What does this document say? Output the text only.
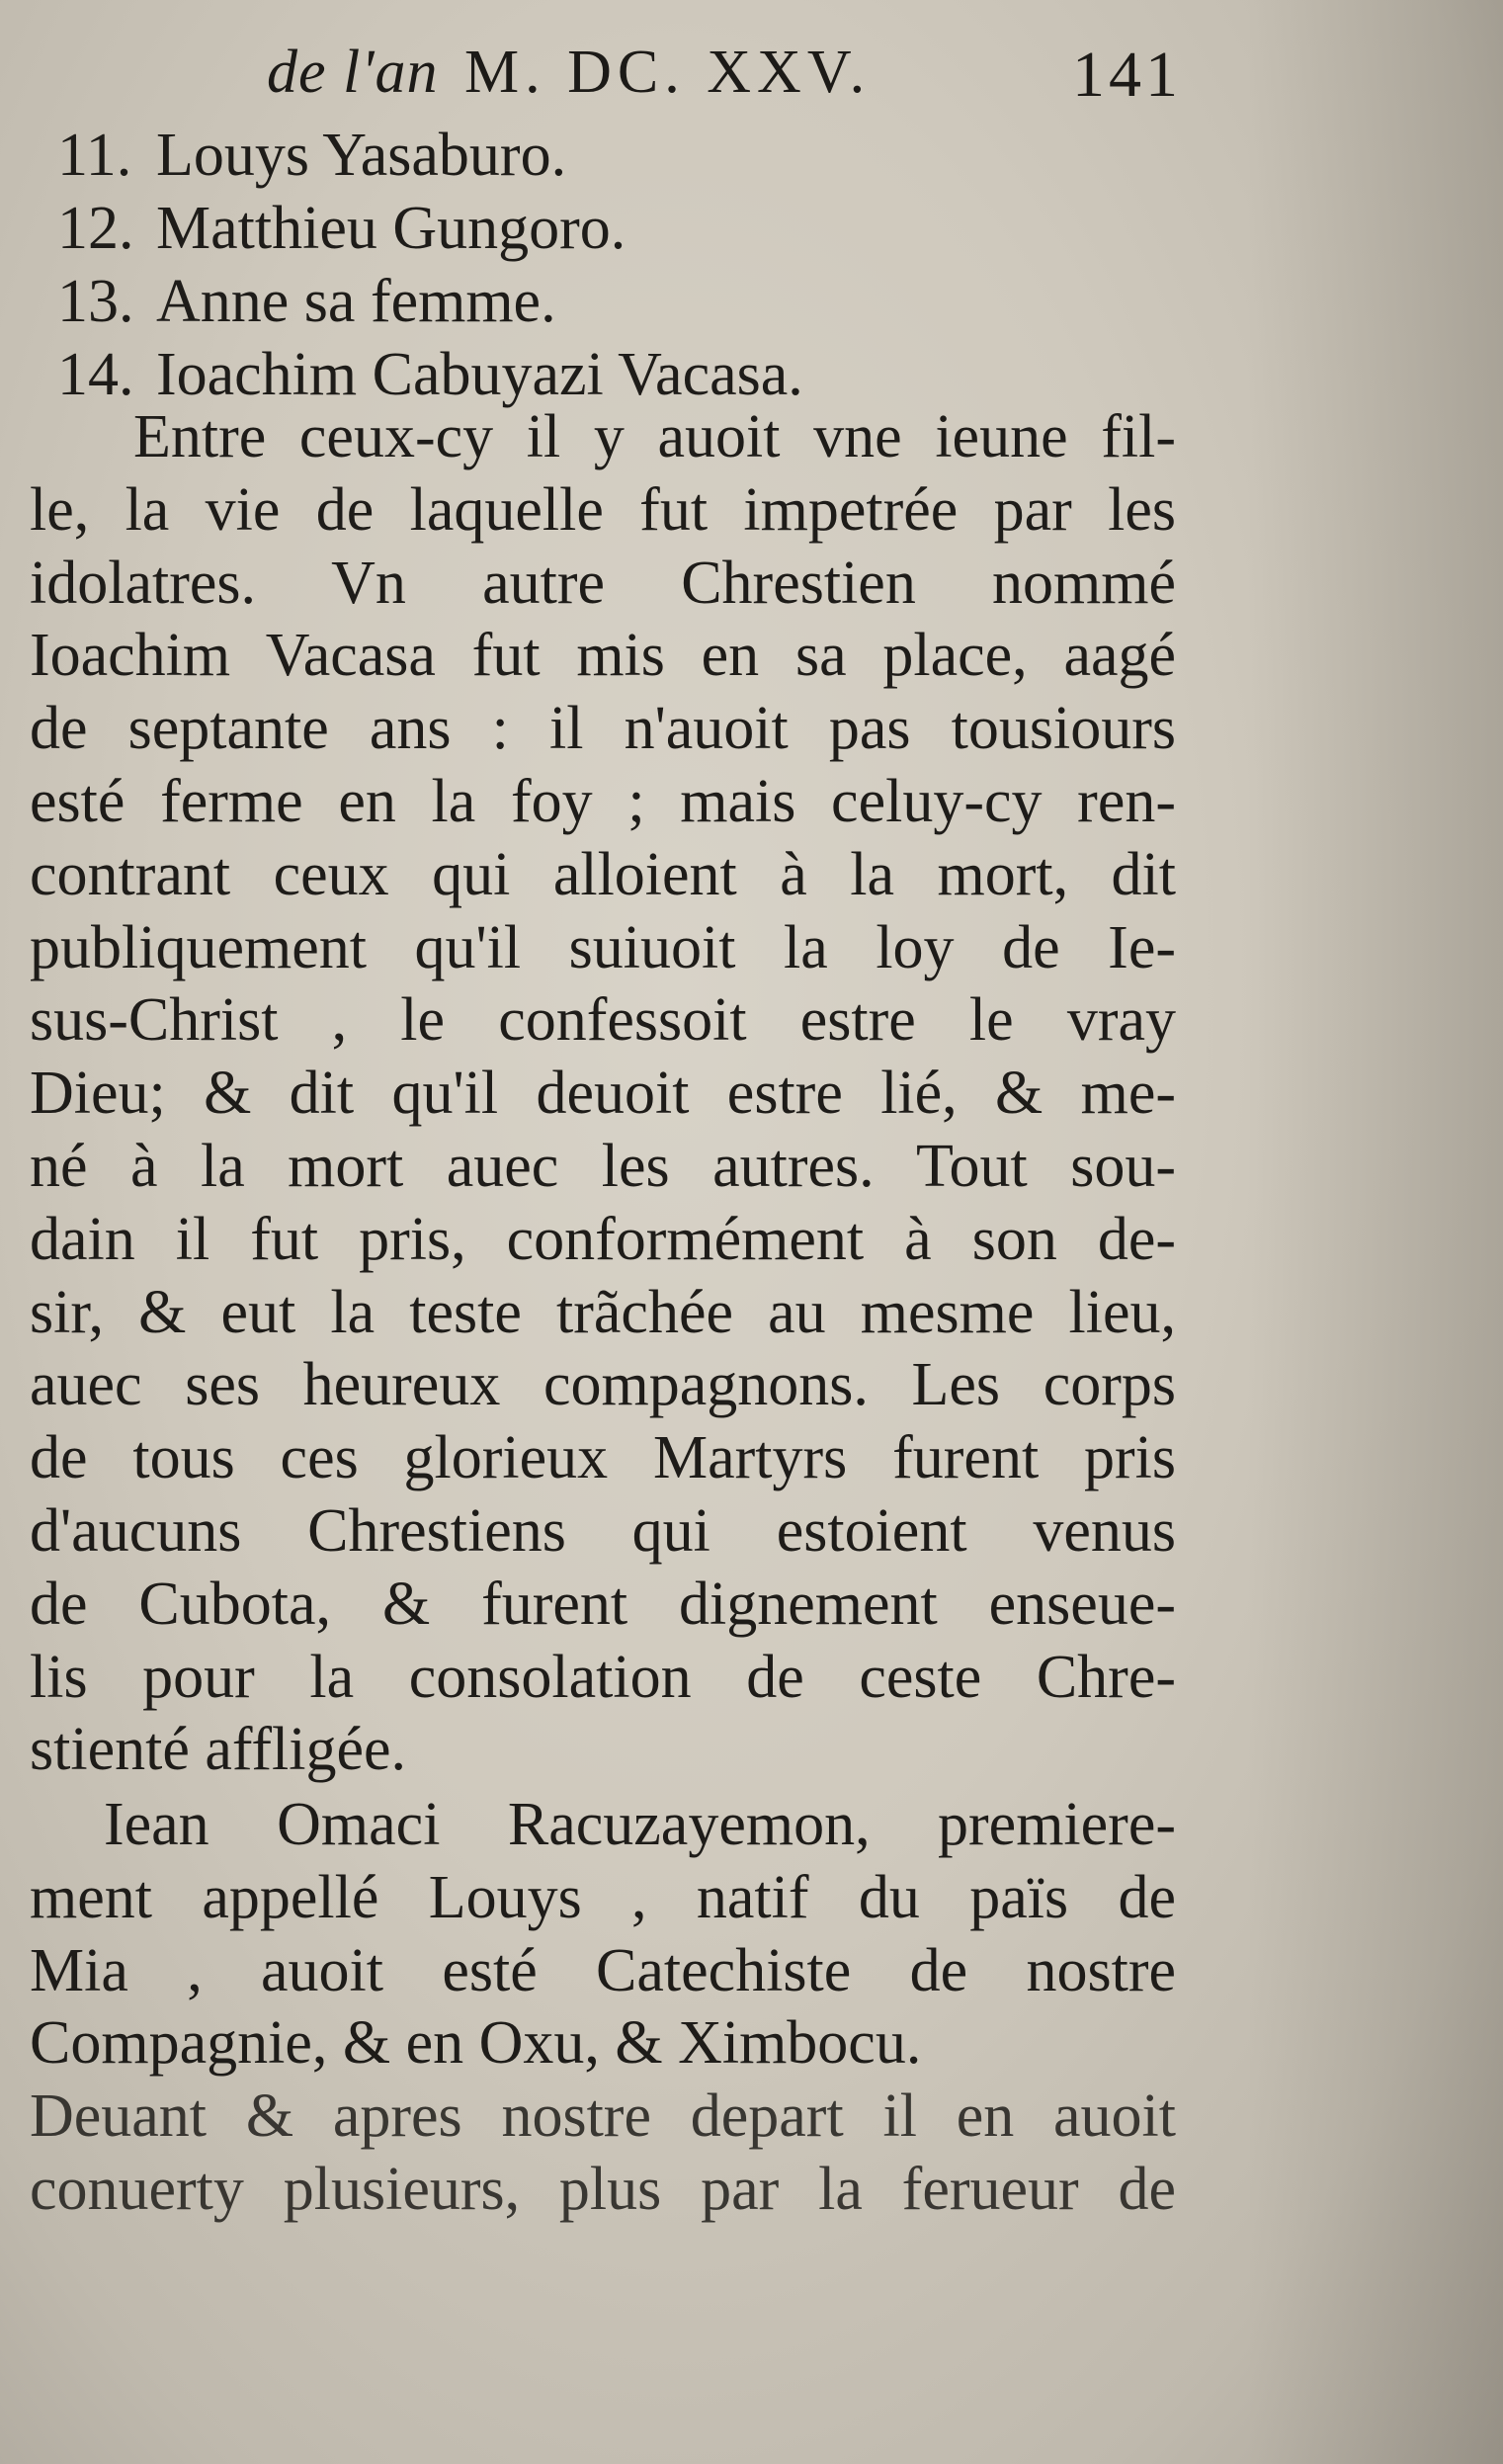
de l'an M. DC. XXV.	141
11. Louys Yasaburo.
12. Matthieu Gungoro.
13. Anne sa femme.
14. Ioachim Cabuyazi Vacasa.
Entre ceux-cy il y auoit vne ieune fil-
le, la vie de laquelle fut impetrée par les
idolatres. Vn autre Chrestien nommé
Ioachim Vacasa fut mis en sa place, aagé
de septante ans : il n'auoit pas tousiours
esté ferme en la foy ; mais celuy-cy ren-
contrant ceux qui alloient à la mort, dit
publiquement qu'il suiuoit la loy de Ie-
sus-Christ , le confessoit estre le vray
Dieu; & dit qu'il deuoit estre lié, & me-
né à la mort auec les autres. Tout sou-
dain il fut pris, conformément à son de-
sir, & eut la teste trãchée au mesme lieu,
auec ses heureux compagnons. Les corps
de tous ces glorieux Martyrs furent pris
d'aucuns Chrestiens qui estoient venus
de Cubota, & furent dignement enseue-
lis pour la consolation de ceste Chre-
stienté affligée.
Iean Omaci Racuzayemon, premiere-
ment appellé Louys , natif du païs de
Mia , auoit esté Catechiste de nostre
Compagnie, & en Oxu, & Ximbocu.
Deuant & apres nostre depart il en auoit
conuerty plusieurs, plus par la ferueur de
